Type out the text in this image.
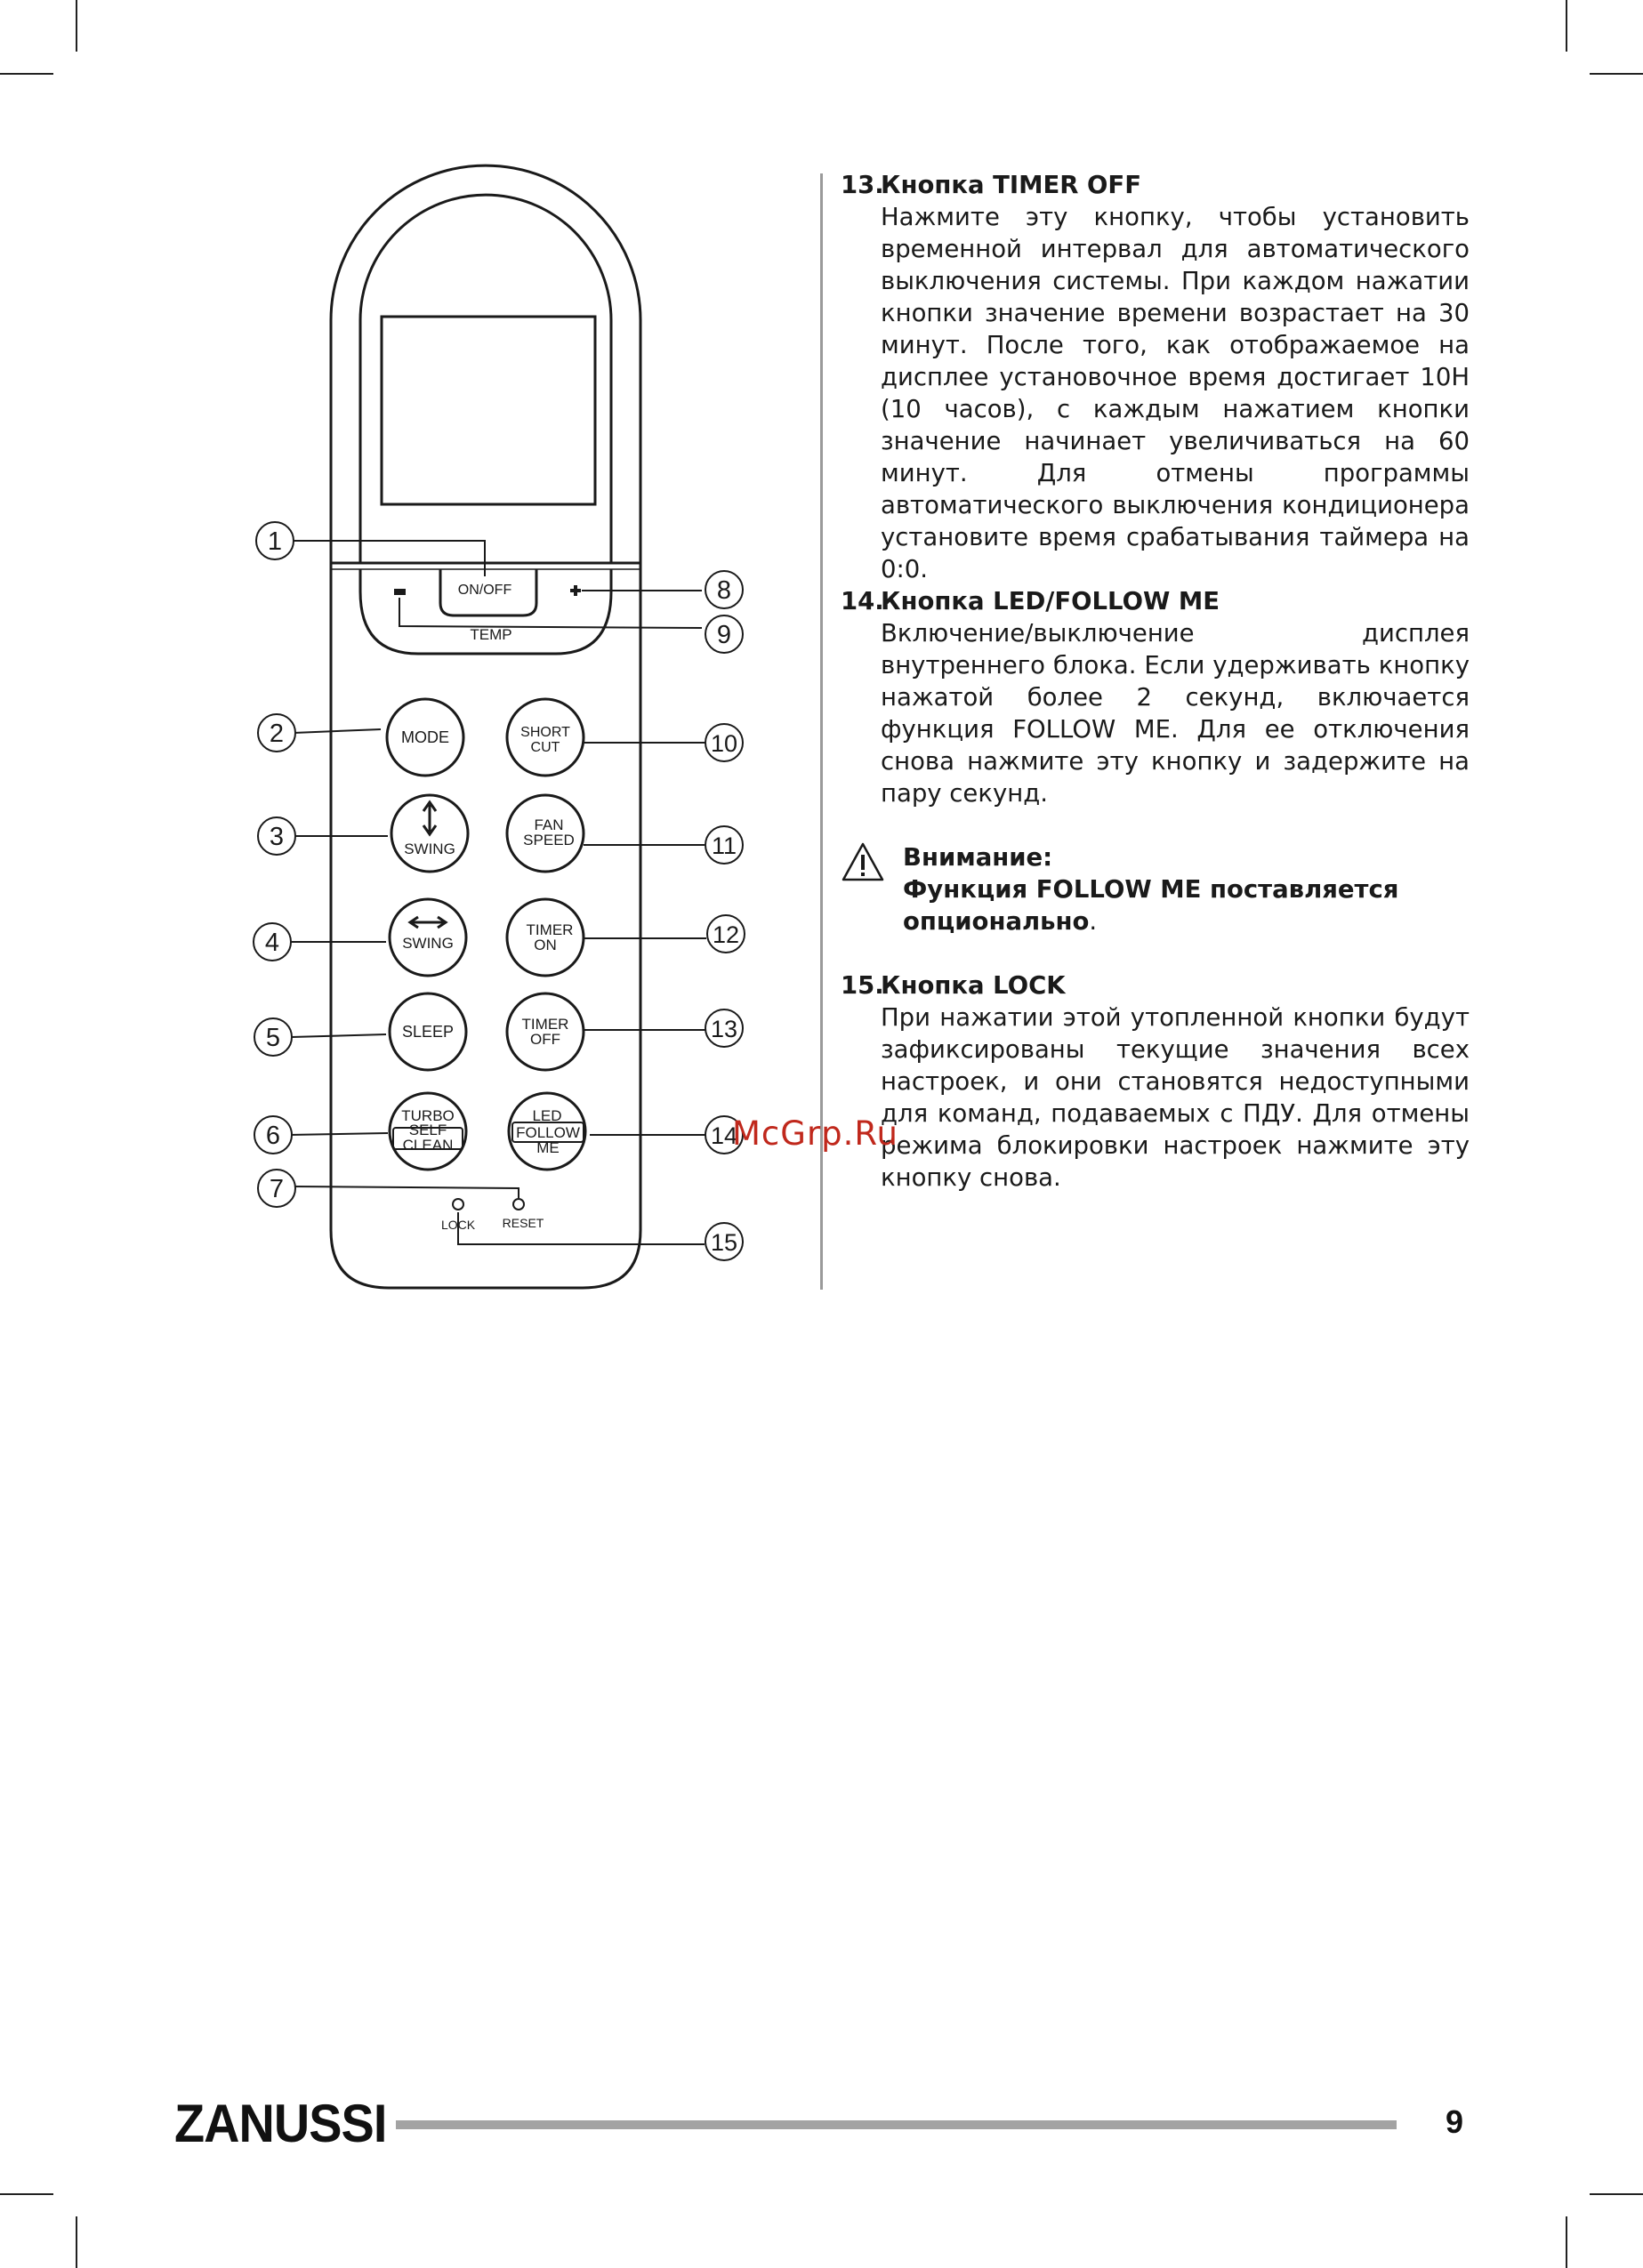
ON/OFF
TEMP
MODE	SHORT
CUT
SWING
FAN
SPEED
SWING
TIMER
ON
SLEEP	TIMER
OFF
TURBO
SELF
CLEAN
LED
FOLLOW
ME
LOCK RESET
1
2
3
4
5
6
7
8
9
10
11
12
13
14
15
13.
Кнопка TIMER OFF
Нажмите эту кнопку, чтобы установить временной интервал для автоматического выключения системы. При каждом нажатии кнопки значение времени возрастает на 30 минут. После того, как отображаемое на дисплее установочное время достигает 10H (10 часов), с каждым нажатием кнопки значение начинает увеличиваться на 60 минут. Для отмены программы автоматического выключения кондиционера установите время срабатывания таймера на 0:0.
14.
Кнопка LED/FOLLOW ME
Включение/выключение дисплея внутреннего блока. Если удерживать кнопку нажатой более 2 секунд, включается функция FOLLOW ME. Для ее отключения снова нажмите эту кнопку и задержите на пару секунд.
Внимание:
Функция FOLLOW ME поставляется опционально.
15.
Кнопка LOCK
При нажатии этой утопленной кнопки будут зафиксированы текущие значения всех настроек, и они становятся недоступными для команд, подаваемых с ПДУ. Для отмены режима блокировки настроек нажмите эту кнопку снова.
McGrp.Ru
ZANUSSI	9
